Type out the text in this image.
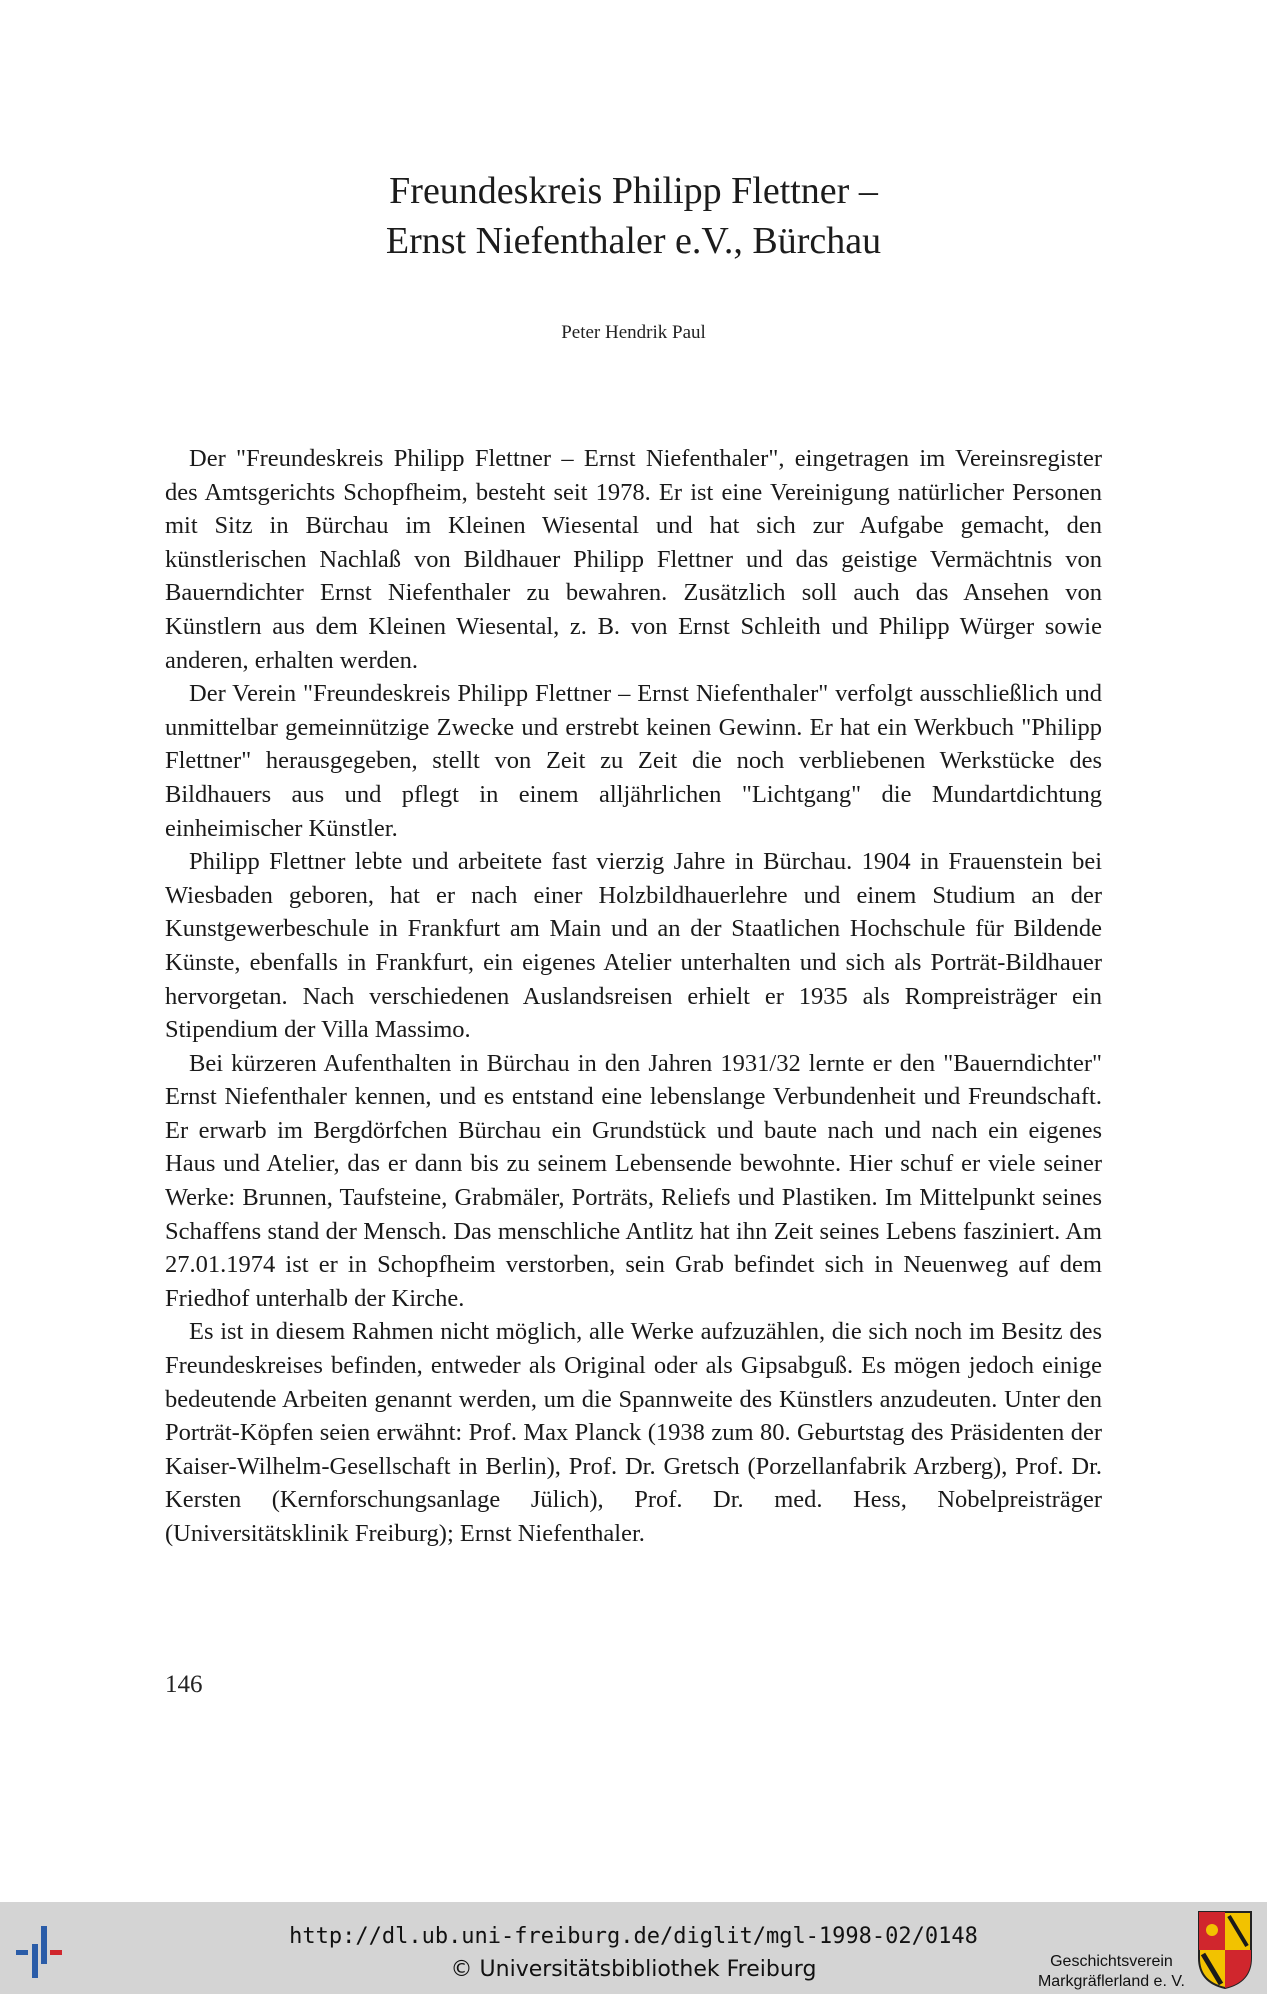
Freundeskreis Philipp Flettner –
Ernst Niefenthaler e.V., Bürchau
Peter Hendrik Paul

Der "Freundeskreis Philipp Flettner – Ernst Niefenthaler", eingetragen im Vereinsregister des Amtsgerichts Schopfheim, besteht seit 1978. Er ist eine Vereinigung natürlicher Personen mit Sitz in Bürchau im Kleinen Wiesental und hat sich zur Aufgabe gemacht, den künstlerischen Nachlaß von Bildhauer Philipp Flettner und das geistige Vermächtnis von Bauerndichter Ernst Niefenthaler zu bewahren. Zusätzlich soll auch das Ansehen von Künstlern aus dem Kleinen Wiesental, z. B. von Ernst Schleith und Philipp Würger sowie anderen, erhalten werden.

Der Verein "Freundeskreis Philipp Flettner – Ernst Niefenthaler" verfolgt ausschließlich und unmittelbar gemeinnützige Zwecke und erstrebt keinen Gewinn. Er hat ein Werkbuch "Philipp Flettner" herausgegeben, stellt von Zeit zu Zeit die noch verbliebenen Werkstücke des Bildhauers aus und pflegt in einem alljährlichen "Lichtgang" die Mundartdichtung einheimischer Künstler.

Philipp Flettner lebte und arbeitete fast vierzig Jahre in Bürchau. 1904 in Frauenstein bei Wiesbaden geboren, hat er nach einer Holzbildhauerlehre und einem Studium an der Kunstgewerbeschule in Frankfurt am Main und an der Staatlichen Hochschule für Bildende Künste, ebenfalls in Frankfurt, ein eigenes Atelier unterhalten und sich als Porträt-Bildhauer hervorgetan. Nach verschiedenen Auslandsreisen erhielt er 1935 als Rompreisträger ein Stipendium der Villa Massimo.

Bei kürzeren Aufenthalten in Bürchau in den Jahren 1931/32 lernte er den "Bauerndichter" Ernst Niefenthaler kennen, und es entstand eine lebenslange Verbundenheit und Freundschaft. Er erwarb im Bergdörfchen Bürchau ein Grundstück und baute nach und nach ein eigenes Haus und Atelier, das er dann bis zu seinem Lebensende bewohnte. Hier schuf er viele seiner Werke: Brunnen, Taufsteine, Grabmäler, Porträts, Reliefs und Plastiken. Im Mittelpunkt seines Schaffens stand der Mensch. Das menschliche Antlitz hat ihn Zeit seines Lebens fasziniert. Am 27.01.1974 ist er in Schopfheim verstorben, sein Grab befindet sich in Neuenweg auf dem Friedhof unterhalb der Kirche.

Es ist in diesem Rahmen nicht möglich, alle Werke aufzuzählen, die sich noch im Besitz des Freundeskreises befinden, entweder als Original oder als Gipsabguß. Es mögen jedoch einige bedeutende Arbeiten genannt werden, um die Spannweite des Künstlers anzudeuten. Unter den Porträt-Köpfen seien erwähnt: Prof. Max Planck (1938 zum 80. Geburtstag des Präsidenten der Kaiser-Wilhelm-Gesellschaft in Berlin), Prof. Dr. Gretsch (Porzellanfabrik Arzberg), Prof. Dr. Kersten (Kernforschungsanlage Jülich), Prof. Dr. med. Hess, Nobelpreisträger (Universitätsklinik Freiburg); Ernst Niefenthaler.

146
http://dl.ub.uni-freiburg.de/diglit/mgl-1998-02/0148
© Universitätsbibliothek Freiburg	Geschichtsverein
Markgräflerland e. V.
